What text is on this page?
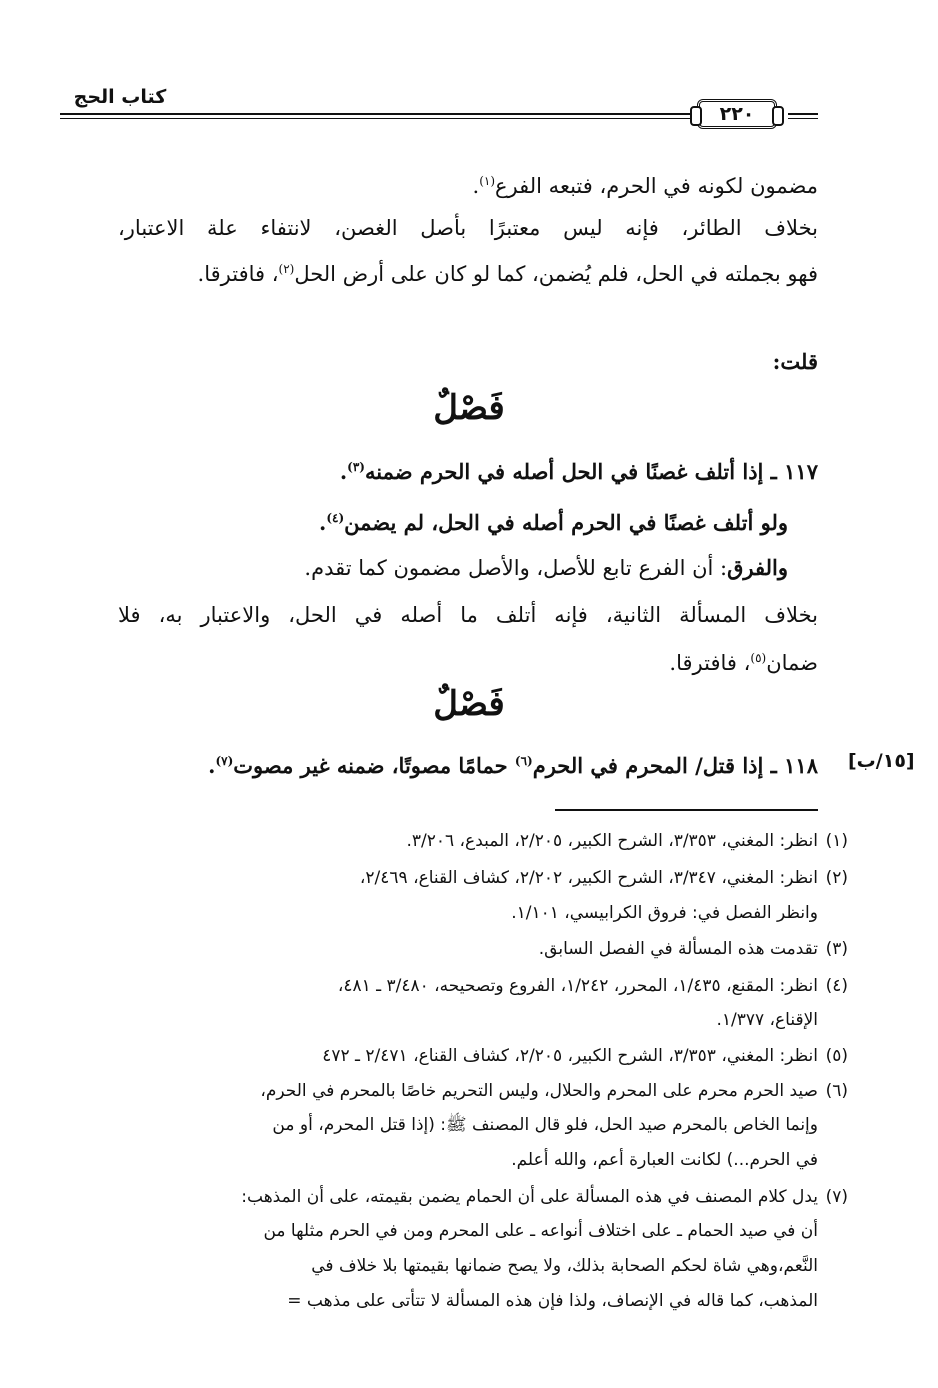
كتاب الحج
٢٢٠
مضمون لكونه في الحرم، فتبعه الفرع$^{(١)}$.
بخلاف الطائر، فإنه ليس معتبرًا بأصل الغصن، لانتفاء علة الاعتبار،
فهو بجملته في الحل، فلم يُضمن، كما لو كان على أرض الحل$^{(٢)}$، فافترقا.
قلت:
فَصْلٌ
١١٧ ـ إذا أتلف غصنًا في الحل أصله في الحرم ضمنه$^{(٣)}$.
ولو أتلف غصنًا في الحرم أصله في الحل، لم يضمن$^{(٤)}$.
والفرق: أن الفرع تابع للأصل، والأصل مضمون كما تقدم.
بخلاف المسألة الثانية، فإنه أتلف ما أصله في الحل، والاعتبار به، فلا
ضمان$^{(٥)}$، فافترقا.
فَصْلٌ
١١٨ ـ إذا قتل/ المحرم في الحرم$^{(٦)}$ حمامًا مصوتًا، ضمنه غير مصوت$^{(٧)}$.	[١٥/ب]
(١)
انظر: المغني، ٣/٣٥٣، الشرح الكبير، ٢/٢٠٥، المبدع، ٣/٢٠٦.
(٢)
انظر: المغني، ٣/٣٤٧، الشرح الكبير، ٢/٢٠٢، كشاف القناع، ٢/٤٦٩،
وانظر الفصل في: فروق الكرابيسي، ١/١٠١.
(٣)
تقدمت هذه المسألة في الفصل السابق.
(٤)
انظر: المقنع، ١/٤٣٥، المحرر، ١/٢٤٢، الفروع وتصحيحه، ٣/٤٨٠ ـ ٤٨١،
الإقناع، ١/٣٧٧.
(٥)
انظر: المغني، ٣/٣٥٣، الشرح الكبير، ٢/٢٠٥، كشاف القناع، ٢/٤٧١ ـ ٤٧٢
(٦)
صيد الحرم محرم على المحرم والحلال، وليس التحريم خاصًا بالمحرم في الحرم،
وإنما الخاص بالمحرم صيد الحل، فلو قال المصنف ﷺ: (إذا قتل المحرم، أو من
في الحرم...) لكانت العبارة أعم، والله أعلم.
(٧)
يدل كلام المصنف في هذه المسألة على أن الحمام يضمن بقيمته، على أن المذهب:
أن في صيد الحمام ـ على اختلاف أنواعه ـ على المحرم ومن في الحرم مثلها من
النَّعم،وهي شاة لحكم الصحابة بذلك، ولا يصح ضمانها بقيمتها بلا خلاف في
المذهب، كما قاله في الإنصاف، ولذا فإن هذه المسألة لا تتأتى على مذهب =
